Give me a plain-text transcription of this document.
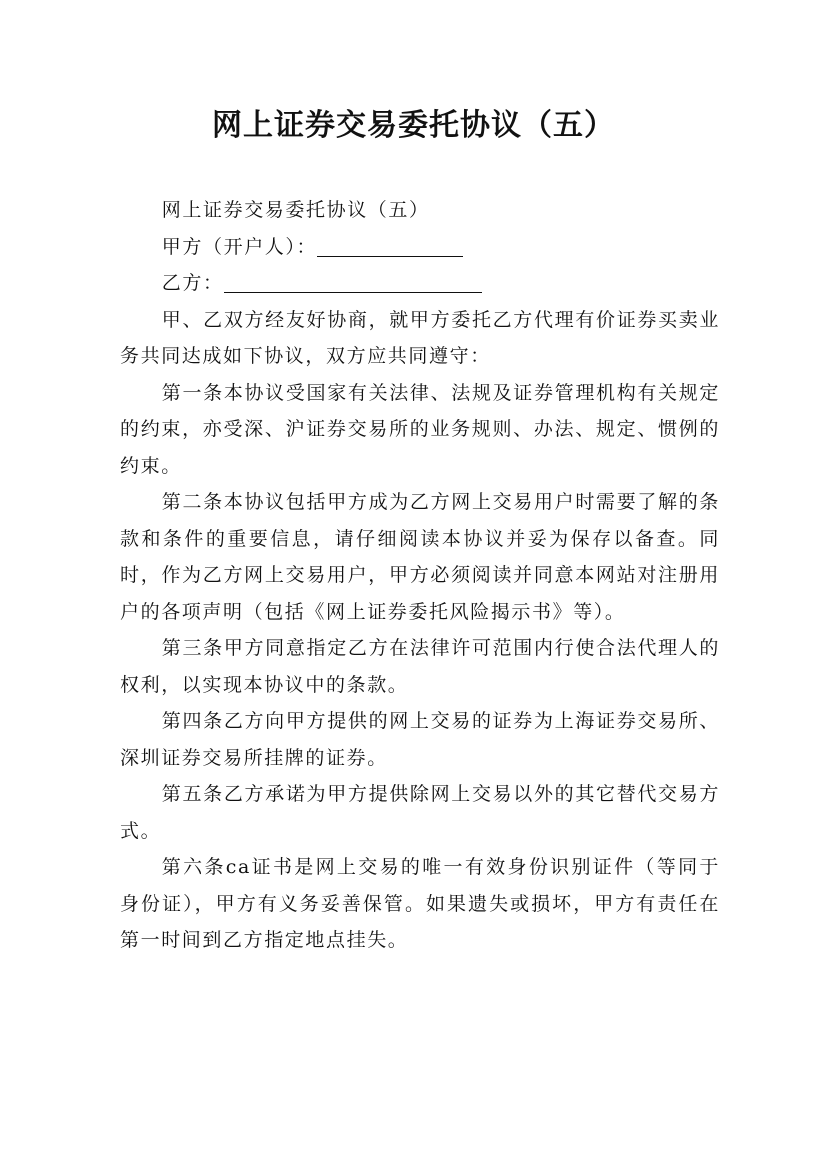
网上证券交易委托协议（五）

网上证券交易委托协议（五）

甲方（开户人）：

乙方：

甲、乙双方经友好协商，就甲方委托乙方代理有价证券买卖业务共同达成如下协议，双方应共同遵守：

第一条本协议受国家有关法律、法规及证券管理机构有关规定的约束，亦受深、沪证券交易所的业务规则、办法、规定、惯例的约束。

第二条本协议包括甲方成为乙方网上交易用户时需要了解的条款和条件的重要信息，请仔细阅读本协议并妥为保存以备查。同时，作为乙方网上交易用户，甲方必须阅读并同意本网站对注册用户的各项声明（包括《网上证券委托风险揭示书》等）。

第三条甲方同意指定乙方在法律许可范围内行使合法代理人的权利，以实现本协议中的条款。

第四条乙方向甲方提供的网上交易的证券为上海证券交易所、深圳证券交易所挂牌的证券。

第五条乙方承诺为甲方提供除网上交易以外的其它替代交易方式。

第六条ca证书是网上交易的唯一有效身份识别证件（等同于身份证），甲方有义务妥善保管。如果遗失或损坏，甲方有责任在第一时间到乙方指定地点挂失。
